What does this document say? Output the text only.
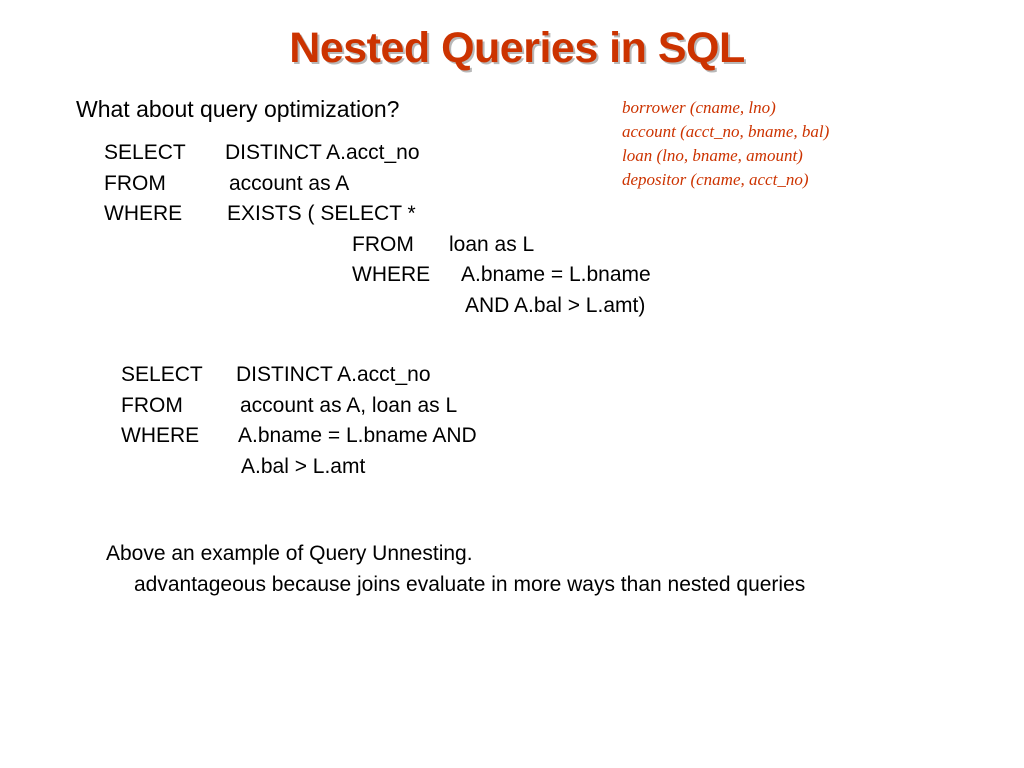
Nested Queries in SQL
What about query optimization?	borrower (cname, lno)
account (acct_no, bname, bal)
loan (lno, bname, amount)
depositor (cname, acct_no)
SELECT DISTINCT A.acct_no
FROM	account as A
WHERE EXISTS ( SELECT *
FROM loan as L
WHERE A.bname = L.bname
AND A.bal > L.amt)
SELECT DISTINCT A.acct_no
FROM	account as A, loan as L
WHERE A.bname = L.bname AND
A.bal > L.amt
Above an example of Query Unnesting.
advantageous because joins evaluate in more ways than nested queries
